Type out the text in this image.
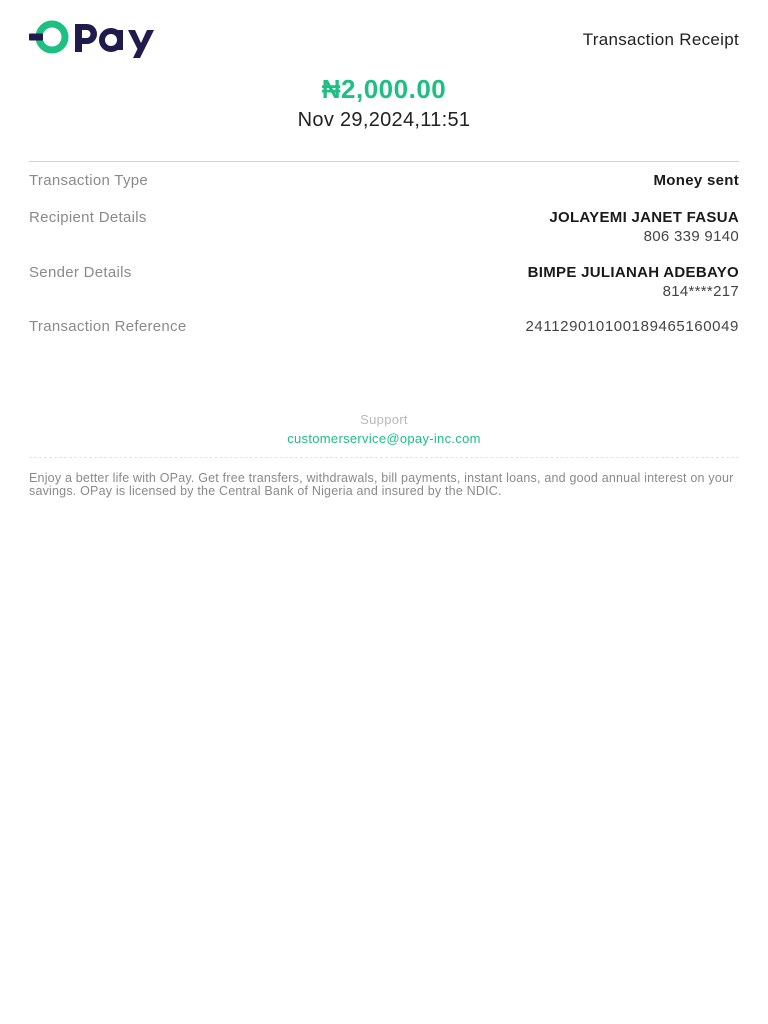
Transaction Receipt
₦2,000.00
Nov 29,2024,11:51
Transaction Type	Money sent
Recipient Details	JOLAYEMI JANET FASUA
806 339 9140
Sender Details	BIMPE JULIANAH ADEBAYO
814****217
Transaction Reference	241129010100189465160049
Support
customerservice@opay-inc.com
Enjoy a better life with OPay. Get free transfers, withdrawals, bill payments, instant loans, and good annual interest on your savings. OPay is licensed by the Central Bank of Nigeria and insured by the NDIC.
